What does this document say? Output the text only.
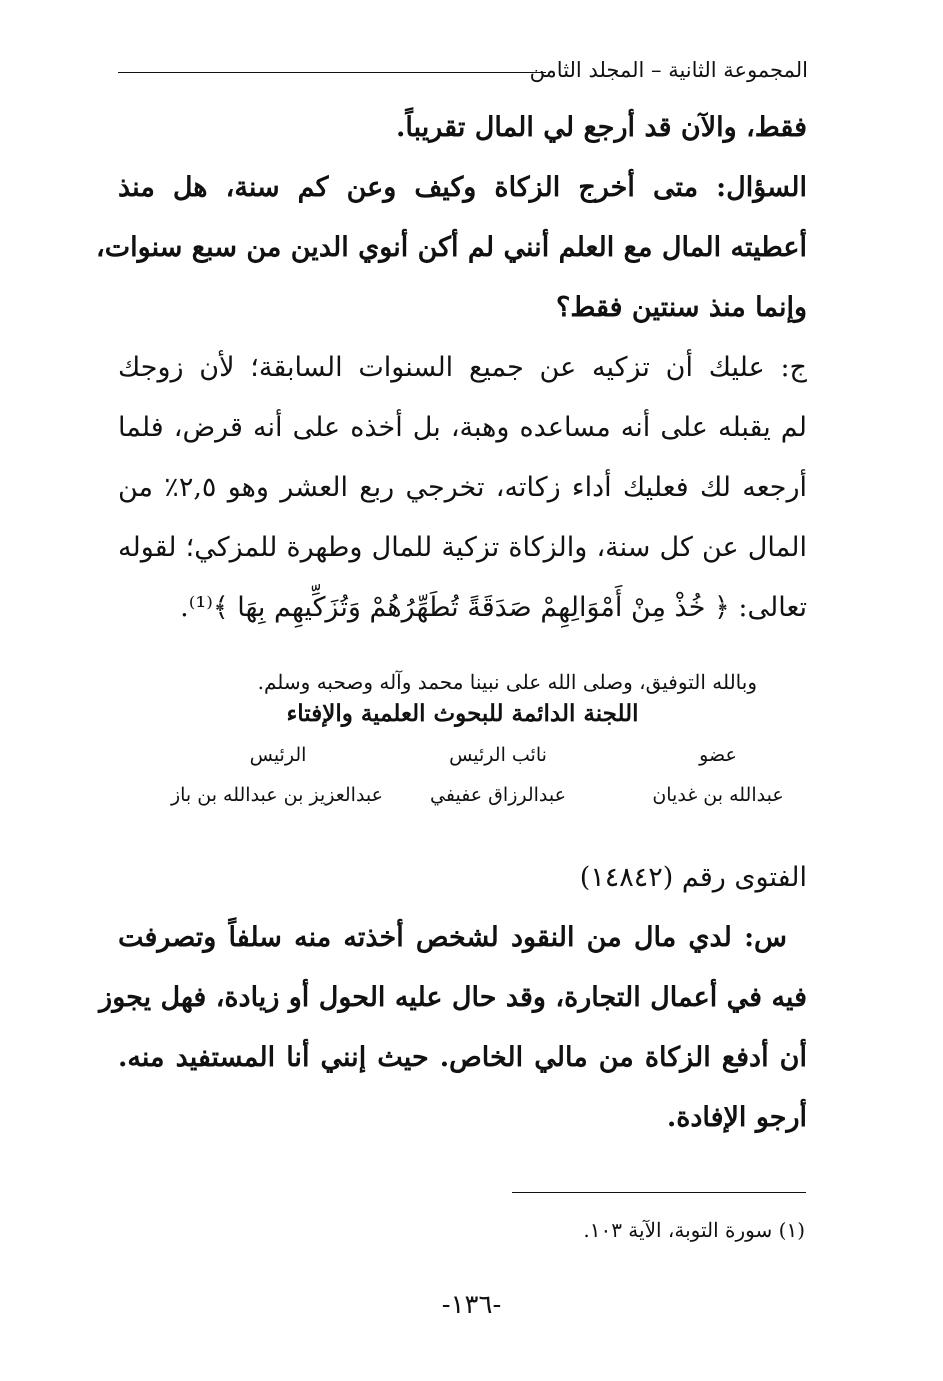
المجموعة الثانية – المجلد الثامن

فقط، والآن قد أرجع لي المال تقريباً.

السؤال: متى أخرج الزكاة وكيف وعن كم سنة، هل منذ

أعطيته المال مع العلم أنني لم أكن أنوي الدين من سبع سنوات،

وإنما منذ سنتين فقط؟

ج: عليك أن تزكيه عن جميع السنوات السابقة؛ لأن زوجك

لم يقبله على أنه مساعده وهبة، بل أخذه على أنه قرض، فلما

أرجعه لك فعليك أداء زكاته، تخرجي ربع العشر وهو ٢,٥٪ من

المال عن كل سنة، والزكاة تزكية للمال وطهرة للمزكي؛ لقوله

تعالى: ﴿ خُذْ مِنْ أَمْوَالِهِمْ صَدَقَةً تُطَهِّرُهُمْ وَتُزَكِّيهِم بِهَا ﴾⁽¹⁾.

وبالله التوفيق، وصلى الله على نبينا محمد وآله وصحبه وسلم.

اللجنة الدائمة للبحوث العلمية والإفتاء
عضو
عبدالله بن غديان
نائب الرئيس
عبدالرزاق عفيفي
الرئيس
عبدالعزيز بن عبدالله بن باز

الفتوى رقم (١٤٨٤٢)

س: لدي مال من النقود لشخص أخذته منه سلفاً وتصرفت

فيه في أعمال التجارة، وقد حال عليه الحول أو زيادة، فهل يجوز

أن أدفع الزكاة من مالي الخاص. حيث إنني أنا المستفيد منه.

أرجو الإفادة.

(١) سورة التوبة، الآية ١٠٣.
-١٣٦-
